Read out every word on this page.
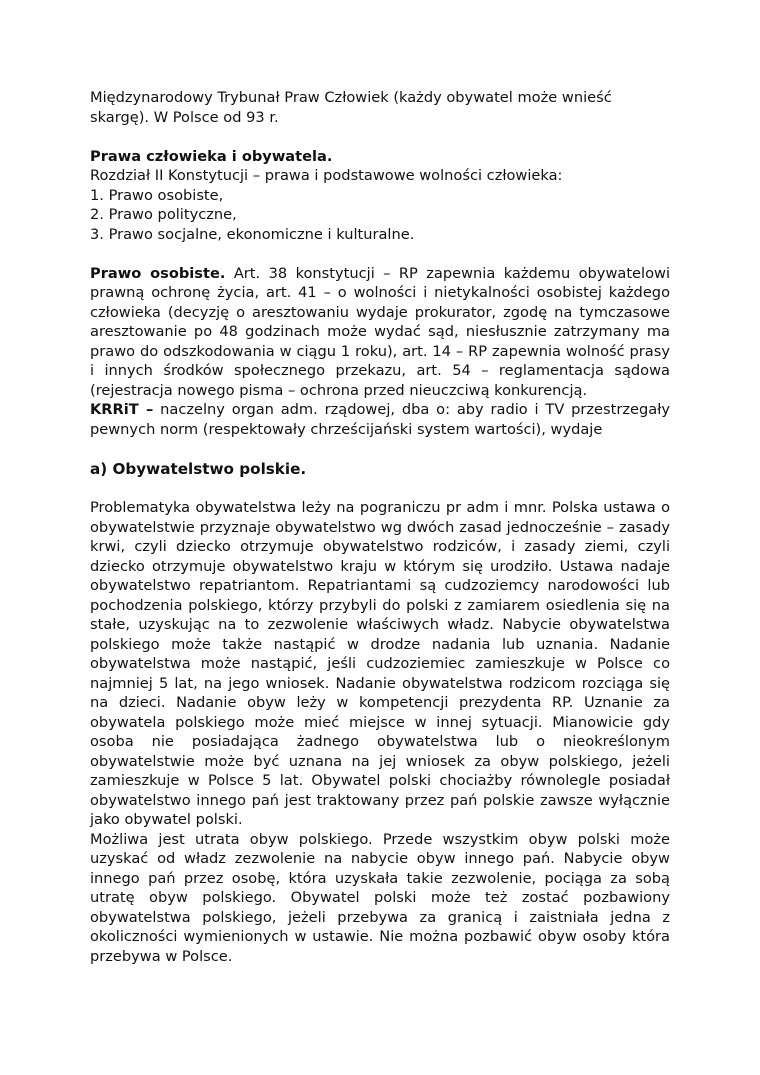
Międzynarodowy Trybunał Praw Człowiek (każdy obywatel może wnieść skargę). W Polsce od 93 r.

Prawa człowieka i obywatela.

Rozdział II Konstytucji – prawa i podstawowe wolności człowieka:

1. Prawo osobiste,
2. Prawo polityczne,
3. Prawo socjalne, ekonomiczne i kulturalne.

Prawo osobiste. Art. 38 konstytucji – RP zapewnia każdemu obywatelowi prawną ochronę życia, art. 41 – o wolności i nietykalności osobistej każdego człowieka (decyzję o aresztowaniu wydaje prokurator, zgodę na tymczasowe aresztowanie po 48 godzinach może wydać sąd, niesłusznie zatrzymany ma prawo do odszkodowania w ciągu 1 roku), art. 14 – RP zapewnia wolność prasy i innych środków społecznego przekazu, art. 54 – reglamentacja sądowa (rejestracja nowego pisma – ochrona przed nieuczciwą konkurencją.

KRRiT – naczelny organ adm. rządowej, dba o: aby radio i TV przestrzegały pewnych norm (respektowały chrześcijański system wartości), wydaje

a) Obywatelstwo polskie.

Problematyka obywatelstwa leży na pograniczu pr adm i mnr. Polska ustawa o obywatelstwie przyznaje obywatelstwo wg dwóch zasad jednocześnie – zasady krwi, czyli dziecko otrzymuje obywatelstwo rodziców, i zasady ziemi, czyli dziecko otrzymuje obywatelstwo kraju w którym się urodziło. Ustawa nadaje obywatelstwo repatriantom. Repatriantami są cudzoziemcy narodowości lub pochodzenia polskiego, którzy przybyli do polski z zamiarem osiedlenia się na stałe, uzyskując na to zezwolenie właściwych władz. Nabycie obywatelstwa polskiego może także nastąpić w drodze nadania lub uznania. Nadanie obywatelstwa może nastąpić, jeśli cudzoziemiec zamieszkuje w Polsce co najmniej 5 lat, na jego wniosek. Nadanie obywatelstwa rodzicom rozciąga się na dzieci. Nadanie obyw leży w kompetencji prezydenta RP. Uznanie za obywatela polskiego może mieć miejsce w innej sytuacji. Mianowicie gdy osoba nie posiadająca żadnego obywatelstwa lub o nieokreślonym obywatelstwie może być uznana na jej wniosek za obyw polskiego, jeżeli zamieszkuje w Polsce 5 lat. Obywatel polski chociażby równolegle posiadał obywatelstwo innego pań jest traktowany przez pań polskie zawsze wyłącznie jako obywatel polski.

Możliwa jest utrata obyw polskiego. Przede wszystkim obyw polski może uzyskać od władz zezwolenie na nabycie obyw innego pań. Nabycie obyw innego pań przez osobę, która uzyskała takie zezwolenie, pociąga za sobą utratę obyw polskiego. Obywatel polski może też zostać pozbawiony obywatelstwa polskiego, jeżeli przebywa za granicą i zaistniała jedna z okoliczności wymienionych w ustawie. Nie można pozbawić obyw osoby która przebywa w Polsce.
